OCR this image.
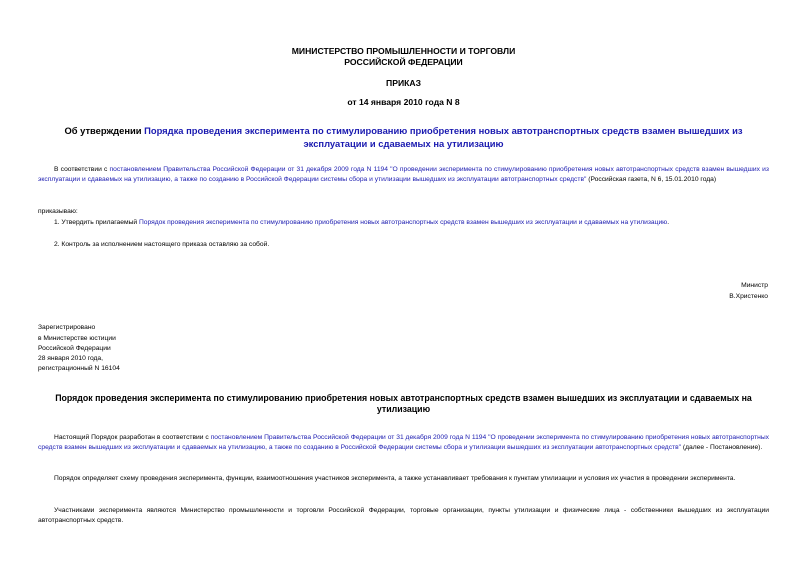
МИНИСТЕРСТВО ПРОМЫШЛЕННОСТИ И ТОРГОВЛИ
РОССИЙСКОЙ ФЕДЕРАЦИИ
ПРИКАЗ
от 14 января 2010 года N 8
Об утверждении Порядка проведения эксперимента по стимулированию приобретения новых автотранспортных средств взамен вышедших из эксплуатации и сдаваемых на утилизацию
В соответствии с постановлением Правительства Российской Федерации от 31 декабря 2009 года N 1194 "О проведении эксперимента по стимулированию приобретения новых автотранспортных средств взамен вышедших из эксплуатации и сдаваемых на утилизацию, а также по созданию в Российской Федерации системы сбора и утилизации вышедших из эксплуатации автотранспортных средств" (Российская газета, N 6, 15.01.2010 года)
приказываю:
1. Утвердить прилагаемый Порядок проведения эксперимента по стимулированию приобретения новых автотранспортных средств взамен вышедших из эксплуатации и сдаваемых на утилизацию.
2. Контроль за исполнением настоящего приказа оставляю за собой.
Министр
В.Христенко
Зарегистрировано
в Министерстве юстиции
Российской Федерации
28 января 2010 года,
регистрационный N 16104
Порядок проведения эксперимента по стимулированию приобретения новых автотранспортных средств взамен вышедших из эксплуатации и сдаваемых на утилизацию
Настоящий Порядок разработан в соответствии с постановлением Правительства Российской Федерации от 31 декабря 2009 года N 1194 "О проведении эксперимента по стимулированию приобретения новых автотранспортных средств взамен вышедших из эксплуатации и сдаваемых на утилизацию, а также по созданию в Российской Федерации системы сбора и утилизации вышедших из эксплуатации автотранспортных средств" (далее - Постановление).
Порядок определяет схему проведения эксперимента, функции, взаимоотношения участников эксперимента, а также устанавливает требования к пунктам утилизации и условия их участия в проведении эксперимента.
Участниками эксперимента являются Министерство промышленности и торговли Российской Федерации, торговые организации, пункты утилизации и физические лица - собственники вышедших из эксплуатации автотранспортных средств.
